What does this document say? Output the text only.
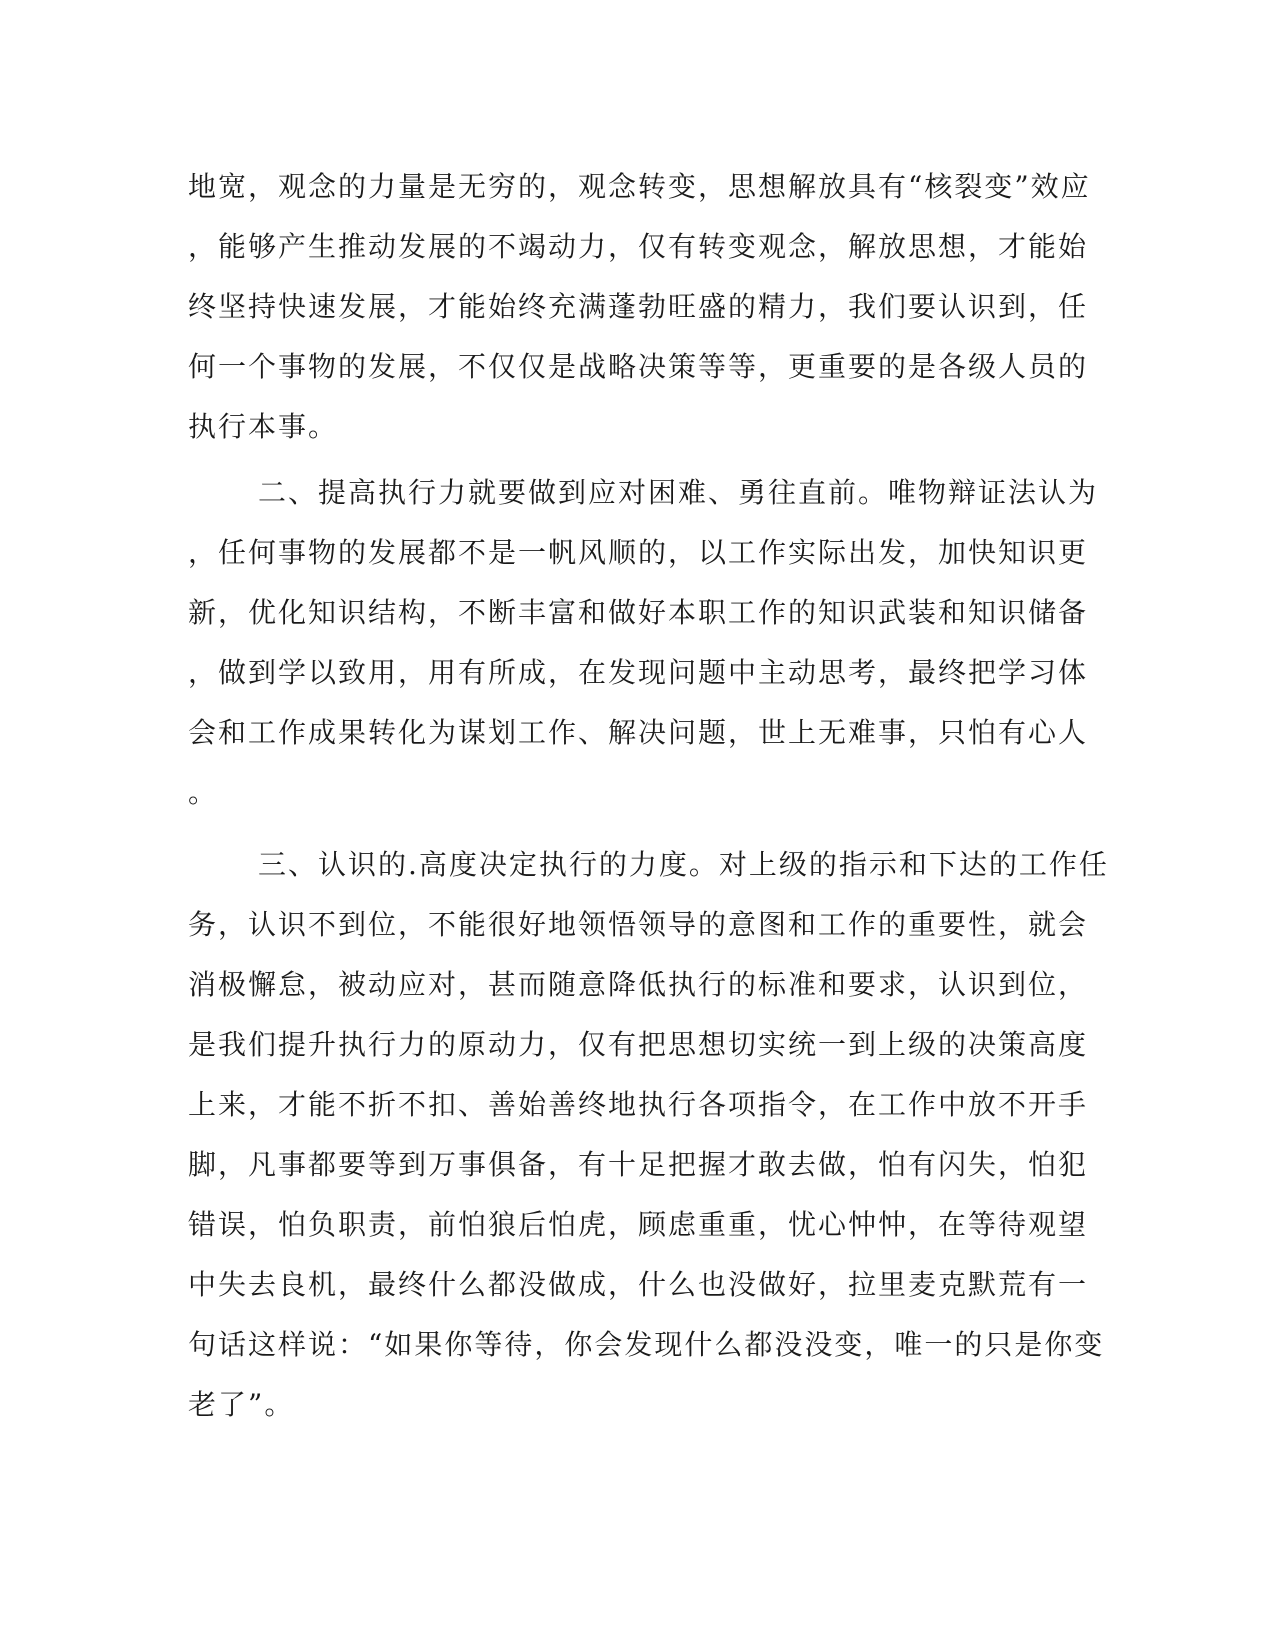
地宽，观念的力量是无穷的，观念转变，思想解放具有“核裂变”效应
，能够产生推动发展的不竭动力，仅有转变观念，解放思想，才能始
终坚持快速发展，才能始终充满蓬勃旺盛的精力，我们要认识到，任
何一个事物的发展，不仅仅是战略决策等等，更重要的是各级人员的
执行本事。
二、提高执行力就要做到应对困难、勇往直前。唯物辩证法认为
，任何事物的发展都不是一帆风顺的，以工作实际出发，加快知识更
新，优化知识结构，不断丰富和做好本职工作的知识武装和知识储备
，做到学以致用，用有所成，在发现问题中主动思考，最终把学习体
会和工作成果转化为谋划工作、解决问题，世上无难事，只怕有心人
。
三、认识的.高度决定执行的力度。对上级的指示和下达的工作任
务，认识不到位，不能很好地领悟领导的意图和工作的重要性，就会
消极懈怠，被动应对，甚而随意降低执行的标准和要求，认识到位，
是我们提升执行力的原动力，仅有把思想切实统一到上级的决策高度
上来，才能不折不扣、善始善终地执行各项指令，在工作中放不开手
脚，凡事都要等到万事俱备，有十足把握才敢去做，怕有闪失，怕犯
错误，怕负职责，前怕狼后怕虎，顾虑重重，忧心忡忡，在等待观望
中失去良机，最终什么都没做成，什么也没做好，拉里麦克默荒有一
句话这样说：“如果你等待，你会发现什么都没没变，唯一的只是你变
老了”。
